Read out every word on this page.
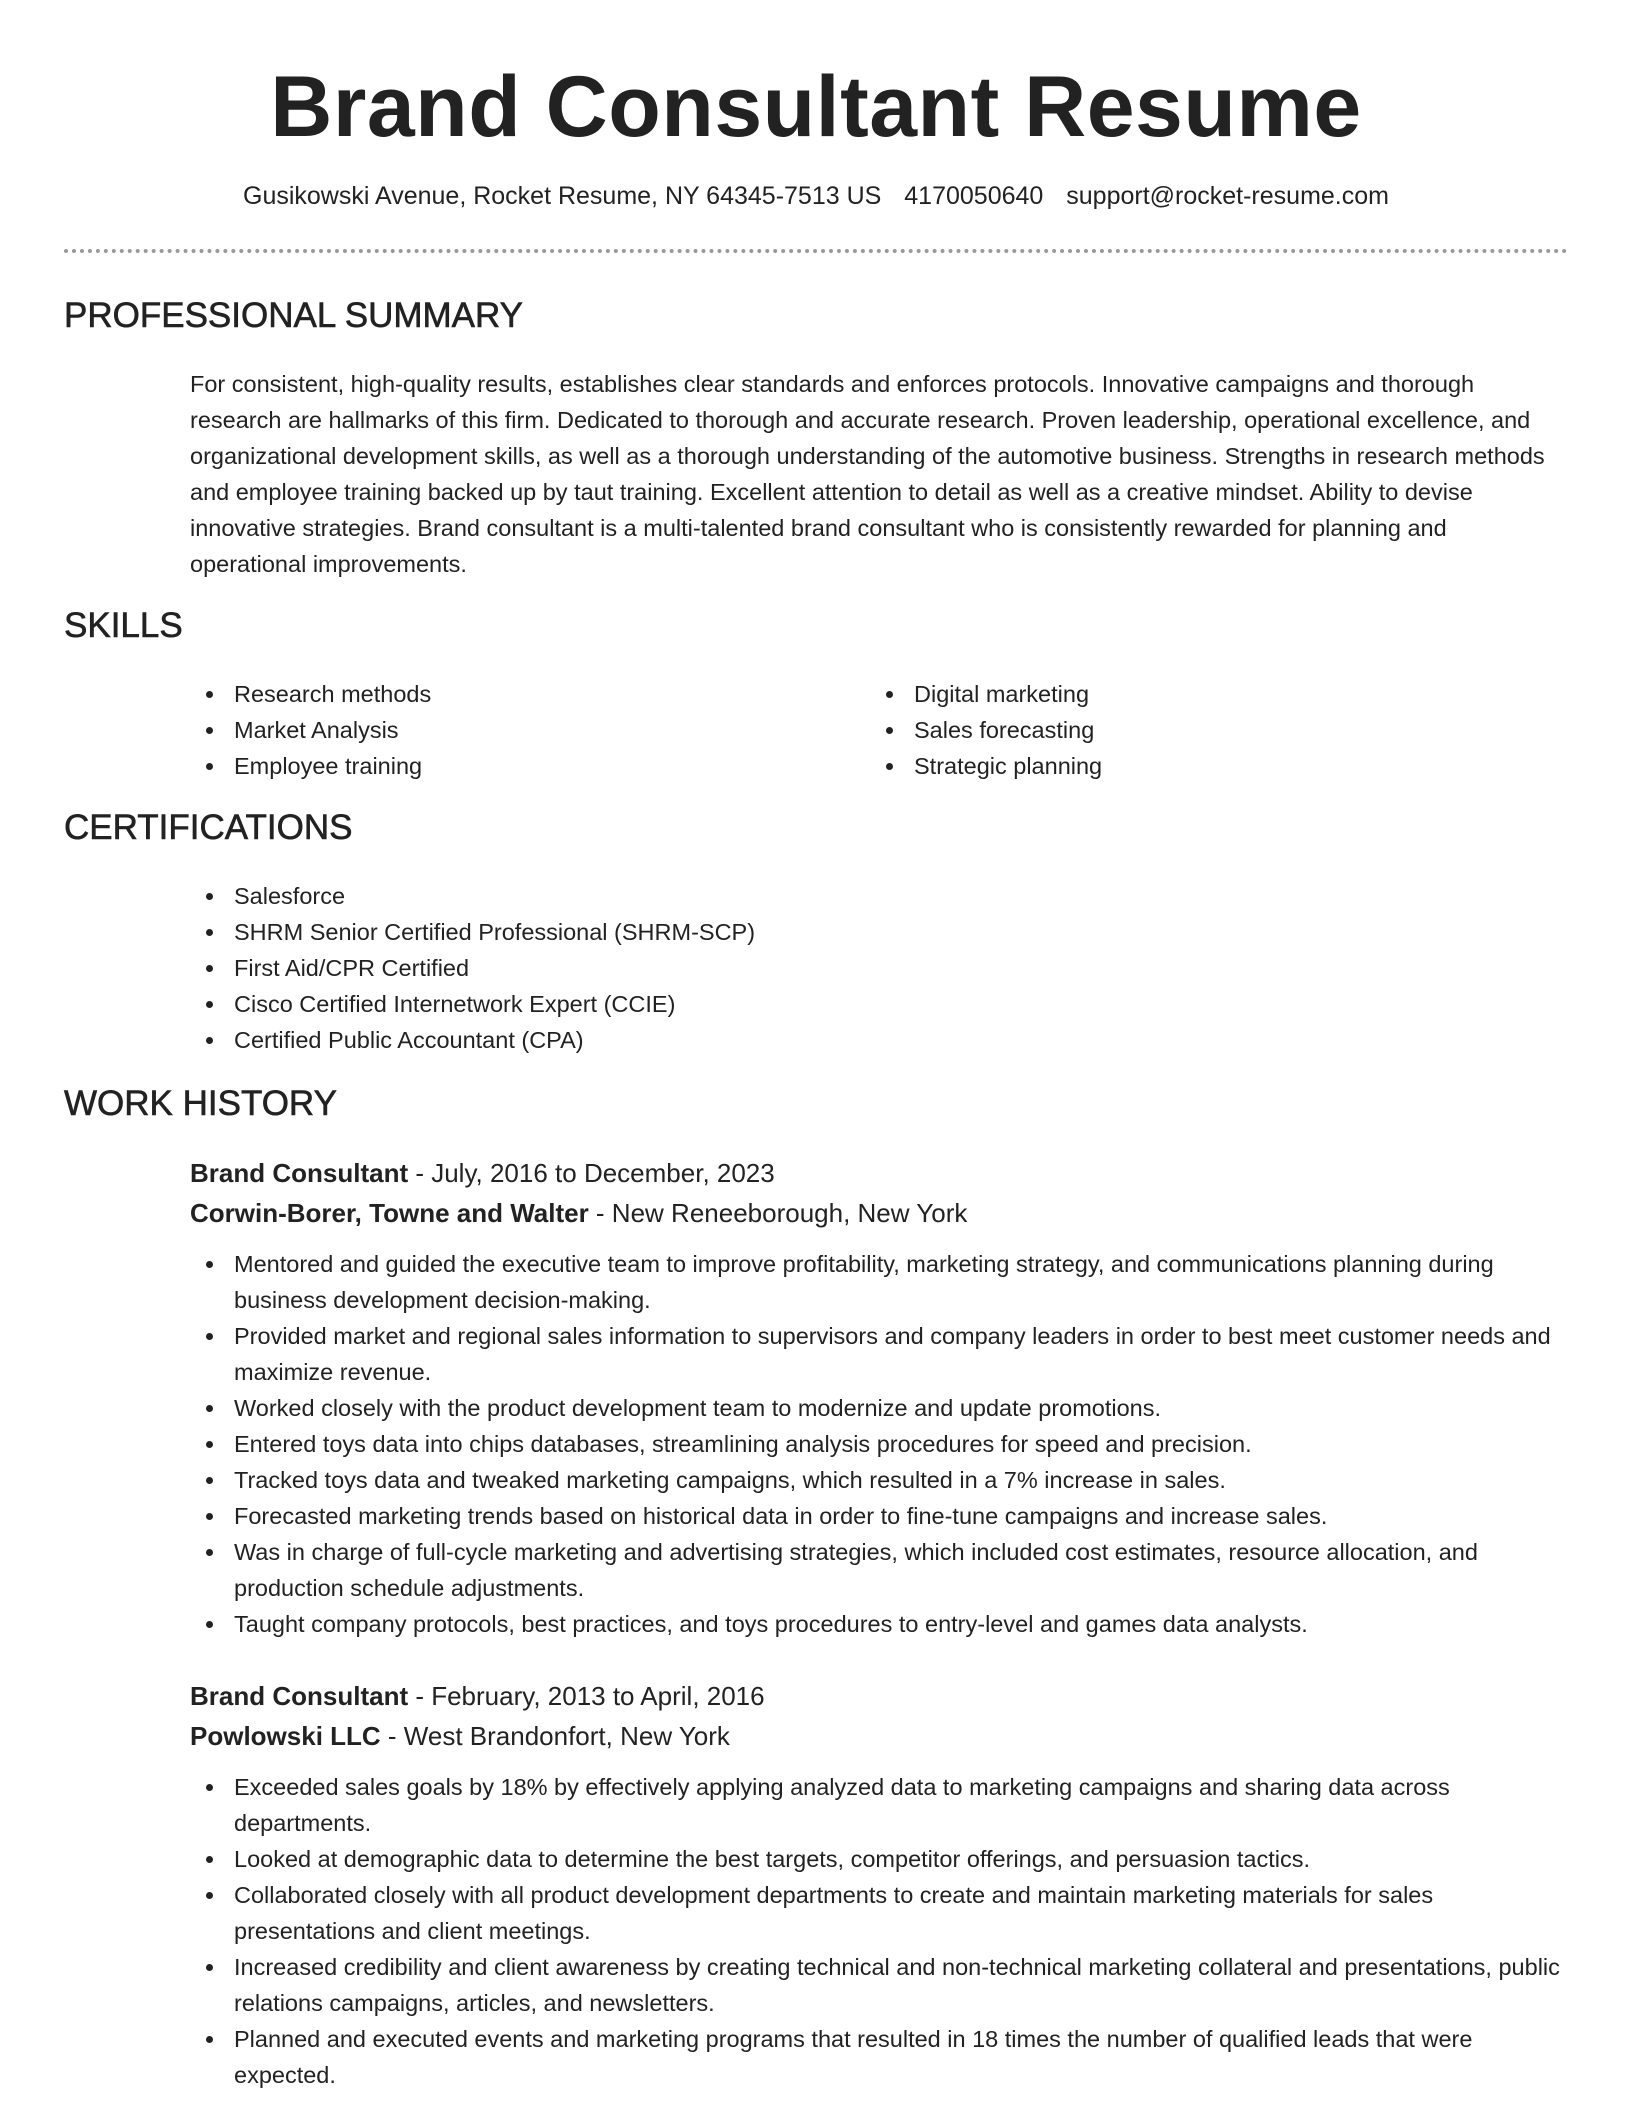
Brand Consultant Resume
Gusikowski Avenue, Rocket Resume, NY 64345-7513 US 4170050640 support@rocket-resume.com
PROFESSIONAL SUMMARY
For consistent, high-quality results, establishes clear standards and enforces protocols. Innovative campaigns and thorough research are hallmarks of this firm. Dedicated to thorough and accurate research. Proven leadership, operational excellence, and organizational development skills, as well as a thorough understanding of the automotive business. Strengths in research methods and employee training backed up by taut training. Excellent attention to detail as well as a creative mindset. Ability to devise innovative strategies. Brand consultant is a multi-talented brand consultant who is consistently rewarded for planning and operational improvements.
SKILLS
Research methods
Market Analysis
Employee training
Digital marketing
Sales forecasting
Strategic planning
CERTIFICATIONS
Salesforce
SHRM Senior Certified Professional (SHRM-SCP)
First Aid/CPR Certified
Cisco Certified Internetwork Expert (CCIE)
Certified Public Accountant (CPA)
WORK HISTORY
Brand Consultant - July, 2016 to December, 2023
Corwin-Borer, Towne and Walter - New Reneeborough, New York
Mentored and guided the executive team to improve profitability, marketing strategy, and communications planning during business development decision-making.
Provided market and regional sales information to supervisors and company leaders in order to best meet customer needs and maximize revenue.
Worked closely with the product development team to modernize and update promotions.
Entered toys data into chips databases, streamlining analysis procedures for speed and precision.
Tracked toys data and tweaked marketing campaigns, which resulted in a 7% increase in sales.
Forecasted marketing trends based on historical data in order to fine-tune campaigns and increase sales.
Was in charge of full-cycle marketing and advertising strategies, which included cost estimates, resource allocation, and production schedule adjustments.
Taught company protocols, best practices, and toys procedures to entry-level and games data analysts.
Brand Consultant - February, 2013 to April, 2016
Powlowski LLC - West Brandonfort, New York
Exceeded sales goals by 18% by effectively applying analyzed data to marketing campaigns and sharing data across departments.
Looked at demographic data to determine the best targets, competitor offerings, and persuasion tactics.
Collaborated closely with all product development departments to create and maintain marketing materials for sales presentations and client meetings.
Increased credibility and client awareness by creating technical and non-technical marketing collateral and presentations, public relations campaigns, articles, and newsletters.
Planned and executed events and marketing programs that resulted in 18 times the number of qualified leads that were expected.
